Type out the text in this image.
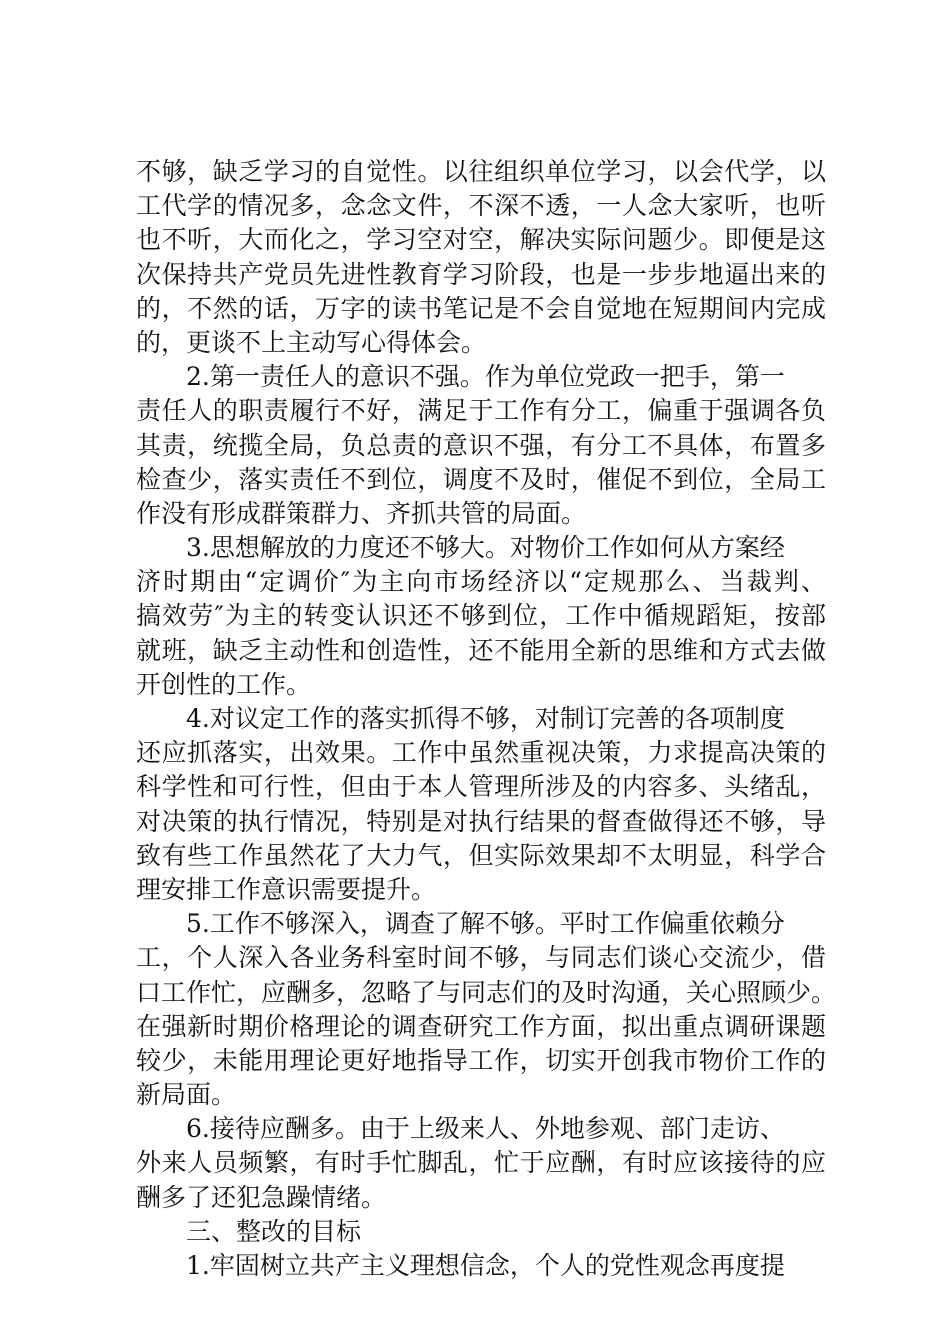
不够，缺乏学习的自觉性。以往组织单位学习，以会代学，以
工代学的情况多，念念文件，不深不透，一人念大家听，也听
也不听，大而化之，学习空对空，解决实际问题少。即便是这
次保持共产党员先进性教育学习阶段，也是一步步地逼出来的
的，不然的话，万字的读书笔记是不会自觉地在短期间内完成
的，更谈不上主动写心得体会。
2.第一责任人的意识不强。作为单位党政一把手，第一
责任人的职责履行不好，满足于工作有分工，偏重于强调各负
其责，统揽全局，负总责的意识不强，有分工不具体，布置多
检查少，落实责任不到位，调度不及时，催促不到位，全局工
作没有形成群策群力、齐抓共管的局面。
3.思想解放的力度还不够大。对物价工作如何从方案经
济时期由“定调价″为主向市场经济以“定规那么、当裁判、
搞效劳″为主的转变认识还不够到位，工作中循规蹈矩，按部
就班，缺乏主动性和创造性，还不能用全新的思维和方式去做
开创性的工作。
4.对议定工作的落实抓得不够，对制订完善的各项制度
还应抓落实，出效果。工作中虽然重视决策，力求提高决策的
科学性和可行性，但由于本人管理所涉及的内容多、头绪乱，
对决策的执行情况，特别是对执行结果的督查做得还不够，导
致有些工作虽然花了大力气，但实际效果却不太明显，科学合
理安排工作意识需要提升。
5.工作不够深入，调查了解不够。平时工作偏重依赖分
工，个人深入各业务科室时间不够，与同志们谈心交流少，借
口工作忙，应酬多，忽略了与同志们的及时沟通，关心照顾少。
在强新时期价格理论的调查研究工作方面，拟出重点调研课题
较少，未能用理论更好地指导工作，切实开创我市物价工作的
新局面。
6.接待应酬多。由于上级来人、外地参观、部门走访、
外来人员频繁，有时手忙脚乱，忙于应酬，有时应该接待的应
酬多了还犯急躁情绪。
三、整改的目标
1.牢固树立共产主义理想信念，个人的党性观念再度提
